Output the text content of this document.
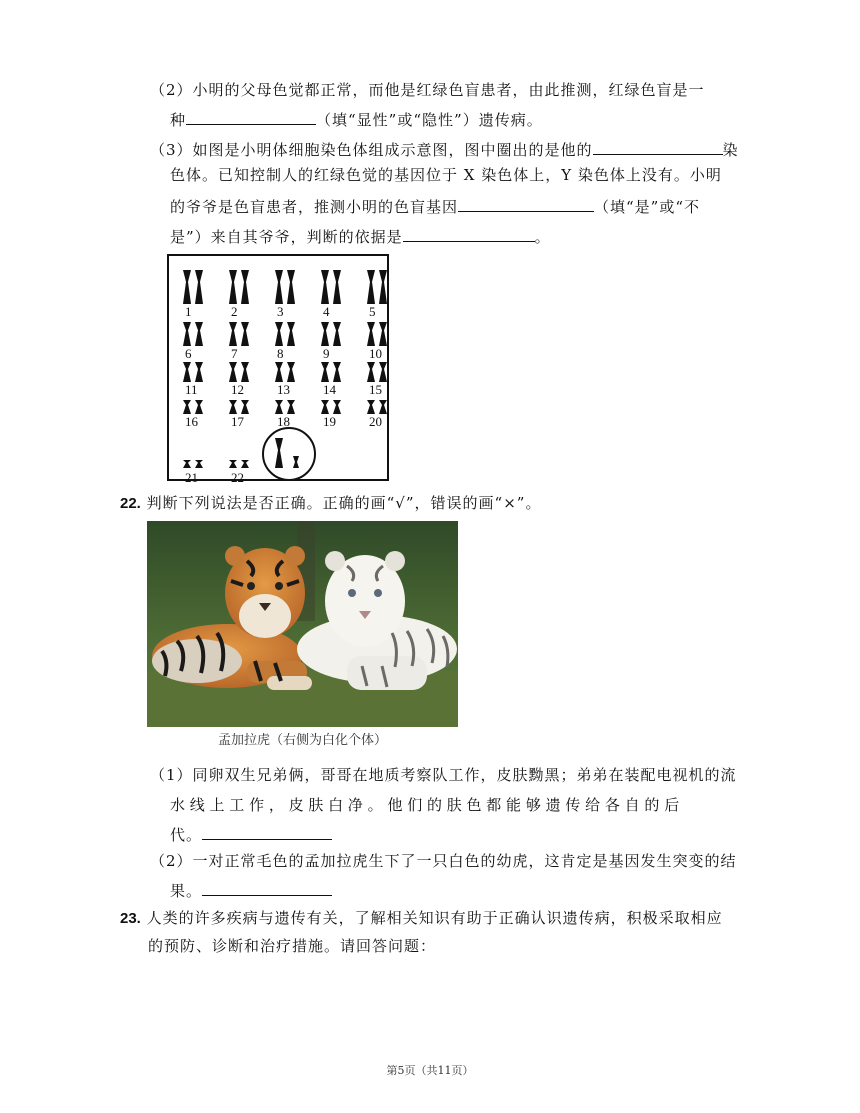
（2）小明的父母色觉都正常，而他是红绿色盲患者，由此推测，红绿色盲是一
种	（填“显性”或“隐性”）遗传病。
（3）如图是小明体细胞染色体组成示意图，图中圈出的是他的	染
色体。已知控制人的红绿色觉的基因位于 X 染色体上，Y 染色体上没有。小明
的爷爷是色盲患者，推测小明的色盲基因	（填“是”或“不
是”）来自其爷爷，判断的依据是	。
1	2	3	4	5
6	7	8	9	10
11	12	13	14	15
16	17	18	19	20
21	22
22. 判断下列说法是否正确。正确的画“√”，错误的画“×”。
孟加拉虎（右侧为白化个体）
（1）同卵双生兄弟俩，哥哥在地质考察队工作，皮肤黝黑；弟弟在装配电视机的流
水 线 上 工 作 ， 皮 肤 白 净 。 他 们 的 肤 色 都 能 够 遗 传 给 各 自 的 后
代。
（2）一对正常毛色的孟加拉虎生下了一只白色的幼虎，这肯定是基因发生突变的结
果。
23. 人类的许多疾病与遗传有关，了解相关知识有助于正确认识遗传病，积极采取相应
的预防、诊断和治疗措施。请回答问题：
第5页（共11页）
